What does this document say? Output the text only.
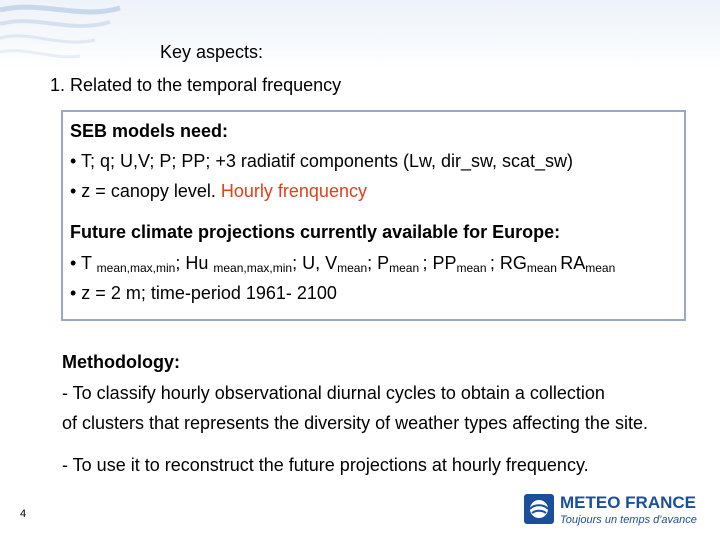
Key aspects:
1. Related to the temporal frequency
SEB models need:
• T; q; U,V; P; PP; +3 radiatif components (Lw, dir_sw, scat_sw)
• z = canopy level. Hourly frenquency
Future climate projections currently available for Europe:
• T $_{mean,max,min}$; Hu $_{mean,max,min}$; U, $V_{mean}$; $P_{mean}$ ; $PP_{mean}$ ; $RG_{mean}$ $RA_{mean}$
• z = 2 m; time-period 1961- 2100
Methodology:
- To classify hourly observational diurnal cycles to obtain a collection
of clusters that represents the diversity of weather types affecting the site.
- To use it to reconstruct the future projections at hourly frequency.
4
METEO FRANCE
Toujours un temps d'avance
